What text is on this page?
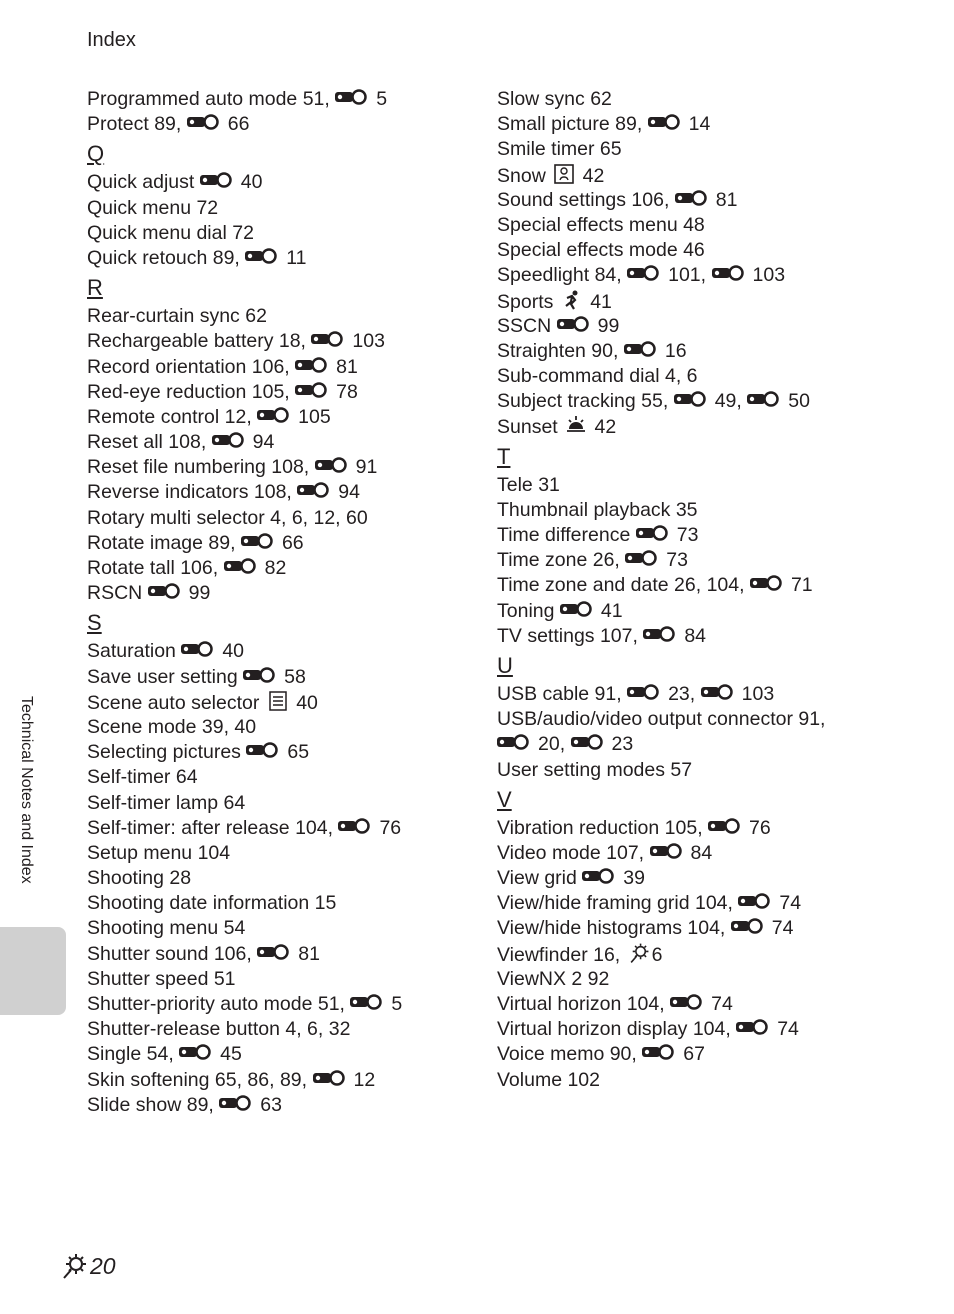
Index
Programmed auto mode 51,
5
Protect 89,
66
Q
Quick adjust
40
Quick menu 72
Quick menu dial 72
Quick retouch 89,
11
R
Rear-curtain sync 62
Rechargeable battery 18,
103
Record orientation 106,
81
Red-eye reduction 105,
78
Remote control 12,
105
Reset all 108,
94
Reset file numbering 108,
91
Reverse indicators 108,
94
Rotary multi selector 4, 6, 12, 60
Rotate image 89,
66
Rotate tall 106,
82
RSCN
99
S
Saturation
40
Save user setting
58
Scene auto selector
40
Scene mode 39, 40
Selecting pictures
65
Self-timer 64
Self-timer lamp 64
Self-timer: after release 104,
76
Setup menu 104
Shooting 28
Shooting date information 15
Shooting menu 54
Shutter sound 106,
81
Shutter speed 51
Shutter-priority auto mode 51,
5
Shutter-release button 4, 6, 32
Single 54,
45
Skin softening 65, 86, 89,
12
Slide show 89,
63
Slow sync 62
Small picture 89,
14
Smile timer 65
Snow
42
Sound settings 106,
81
Special effects menu 48
Special effects mode 46
Speedlight 84,
101,
103
Sports
41
SSCN
99
Straighten 90,
16
Sub-command dial 4, 6
Subject tracking 55,
49,
50
Sunset
42
T
Tele 31
Thumbnail playback 35
Time difference
73
Time zone 26,
73
Time zone and date 26, 104,
71
Toning
41
TV settings 107,
84
U
USB cable 91,
23,
103
USB/audio/video output connector 91,
20,
23
User setting modes 57
V
Vibration reduction 105,
76
Video mode 107,
84
View grid
39
View/hide framing grid 104,
74
View/hide histograms 104,
74
Viewfinder 16,
6
ViewNX 2 92
Virtual horizon 104,
74
Virtual horizon display 104,
74
Voice memo 90,
67
Volume 102
Technical Notes and Index
20
